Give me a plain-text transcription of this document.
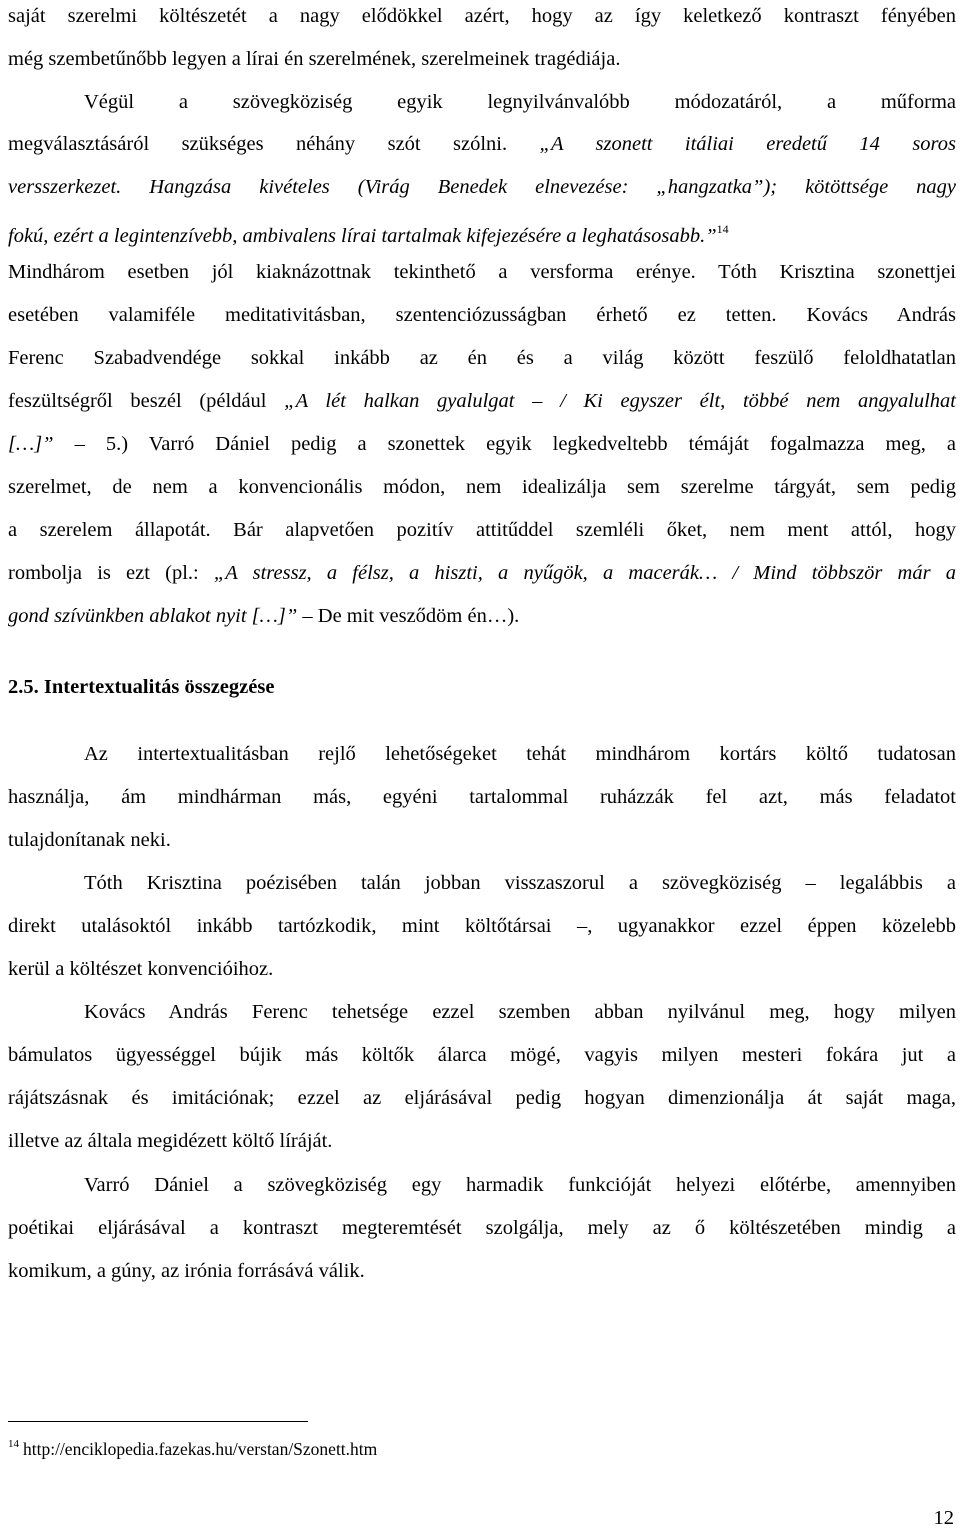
saját szerelmi költészetét a nagy elődökkel azért, hogy az így keletkező kontraszt fényében
még szembetűnőbb legyen a lírai én szerelmének, szerelmeinek tragédiája.
Végül a szövegköziség egyik legnyilvánvalóbb módozatáról, a műforma
megválasztásáról szükséges néhány szót szólni. „A szonett itáliai eredetű 14 soros
versszerkezet. Hangzása kivételes (Virág Benedek elnevezése: „hangzatka”); kötöttsége nagy
fokú, ezért a legintenzívebb, ambivalens lírai tartalmak kifejezésére a leghatásosabb.”$^{14}$
Mindhárom esetben jól kiaknázottnak tekinthető a versforma erénye. Tóth Krisztina szonettjei
esetében valamiféle meditativitásban, szentenciózusságban érhető ez tetten. Kovács András
Ferenc Szabadvendége sokkal inkább az én és a világ között feszülő feloldhatatlan
feszültségről beszél (például „A lét halkan gyalulgat – / Ki egyszer élt, többé nem angyalulhat
[…]” – 5.) Varró Dániel pedig a szonettek egyik legkedveltebb témáját fogalmazza meg, a
szerelmet, de nem a konvencionális módon, nem idealizálja sem szerelme tárgyát, sem pedig
a szerelem állapotát. Bár alapvetően pozitív attitűddel szemléli őket, nem ment attól, hogy
rombolja is ezt (pl.: „A stressz, a félsz, a hiszti, a nyűgök, a macerák… / Mind többször már a
gond szívünkben ablakot nyit […]” – De mit vesződöm én…).
2.5. Intertextualitás összegzése
Az intertextualitásban rejlő lehetőségeket tehát mindhárom kortárs költő tudatosan
használja, ám mindhárman más, egyéni tartalommal ruházzák fel azt, más feladatot
tulajdonítanak neki.
Tóth Krisztina poézisében talán jobban visszaszorul a szövegköziség – legalábbis a
direkt utalásoktól inkább tartózkodik, mint költőtársai –, ugyanakkor ezzel éppen közelebb
kerül a költészet konvencióihoz.
Kovács András Ferenc tehetsége ezzel szemben abban nyilvánul meg, hogy milyen
bámulatos ügyességgel bújik más költők álarca mögé, vagyis milyen mesteri fokára jut a
rájátszásnak és imitációnak; ezzel az eljárásával pedig hogyan dimenzionálja át saját maga,
illetve az általa megidézett költő líráját.
Varró Dániel a szövegköziség egy harmadik funkcióját helyezi előtérbe, amennyiben
poétikai eljárásával a kontraszt megteremtését szolgálja, mely az ő költészetében mindig a
komikum, a gúny, az irónia forrásává válik.
$^{14}$ http://enciklopedia.fazekas.hu/verstan/Szonett.htm
12
